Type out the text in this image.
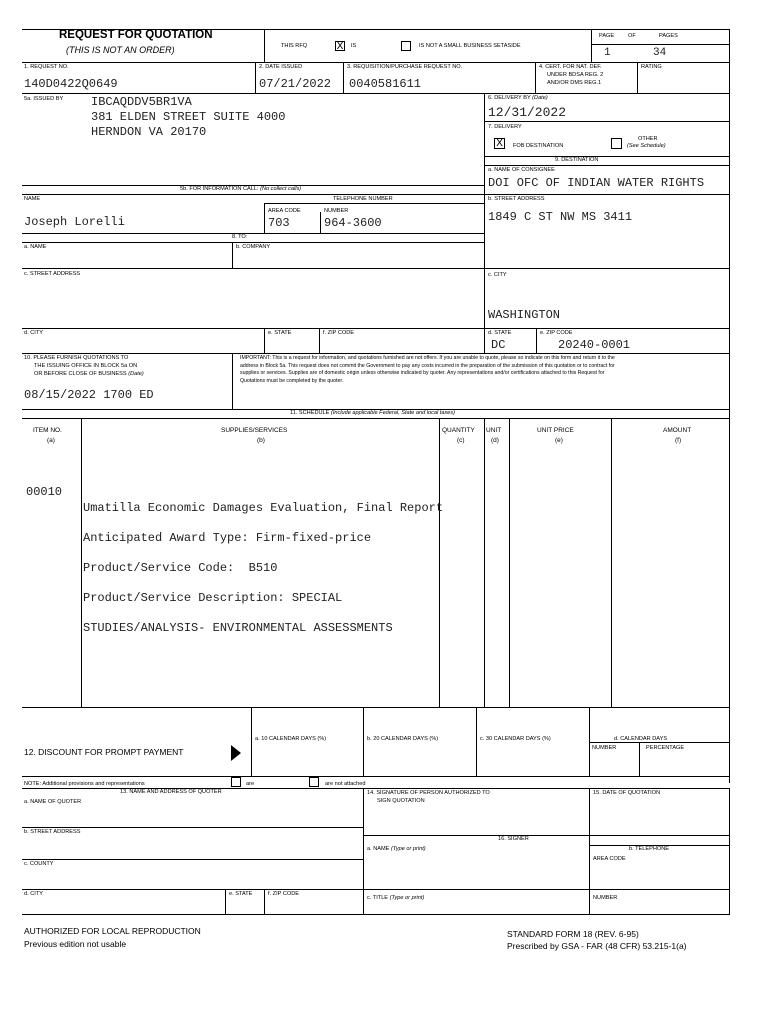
REQUEST FOR QUOTATION
(THIS IS NOT AN ORDER)	THIS RFQ	X IS	IS NOT A SMALL BUSINESS SETASIDE
PAGE OF	PAGES
1	34
1. REQUEST NO.
140D0422Q0649
2. DATE ISSUED
07/21/2022
3. REQUISITION/PURCHASE REQUEST NO.
0040581611
4. CERT. FOR NAT. DEF.
UNDER BDSA REG. 2
AND/OR DMS REG.1
RATING
5a. ISSUED BY IBCAQDDV5BR1VA
381 ELDEN STREET SUITE 4000
HERNDON VA 20170
6. DELIVERY BY (Date)
12/31/2022
7. DELIVERY
X	FOB DESTINATION
OTHER
(See Schedule)
9. DESTINATION
a. NAME OF CONSIGNEE
DOI OFC OF INDIAN WATER RIGHTS
b. STREET ADDRESS
1849 C ST NW MS 3411
c. CITY
WASHINGTON
d. STATE
DC
e. ZIP CODE
20240-0001
5b. FOR INFORMATION CALL: (No collect calls)
NAME	TELEPHONE NUMBER
Joseph Lorelli
AREA CODE
703
NUMBER
964-3600
8. TO:
a. NAME	b. COMPANY
c. STREET ADDRESS
d. CITY	e. STATE	f. ZIP CODE
10. PLEASE FURNISH QUOTATIONS TO
THE ISSUING OFFICE IN BLOCK 5a ON
OR BEFORE CLOSE OF BUSINESS (Date)
08/15/2022 1700 ED
IMPORTANT: This is a request for information, and quotations furnished are not offers. If you are unable to quote, please so indicate on this form and return it to the address in Block 5a. This request does not commit the Government to pay any costs incurred in the preparation of the submission of this quotation or to contract for supplies or services. Supplies are of domestic origin unless otherwise indicated by quoter. Any representations and/or certifications attached to this Request for Quotations must be completed by the quoter.
11. SCHEDULE (Include applicable Federal, State and local taxes)
ITEM NO.
(a)
SUPPLIES/SERVICES
(b)
QUANTITY
(c)
UNIT
(d)
UNIT PRICE
(e)
AMOUNT
(f)
00010

Umatilla Economic Damages Evaluation, Final Report

Anticipated Award Type: Firm-fixed-price

Product/Service Code:  B510

Product/Service Description: SPECIAL

STUDIES/ANALYSIS- ENVIRONMENTAL ASSESSMENTS

12. DISCOUNT FOR PROMPT PAYMENT
a. 10 CALENDAR DAYS (%)	b. 20 CALENDAR DAYS (%)	c. 30 CALENDAR DAYS (%)	d. CALENDAR DAYS
NUMBER	PERCENTAGE
NOTE: Additional provisions and representations	are	are not attached
13. NAME AND ADDRESS OF QUOTER
a. NAME OF QUOTER
b. STREET ADDRESS
c. COUNTY
d. CITY	e. STATE	f. ZIP CODE
14. SIGNATURE OF PERSON AUTHORIZED TO
SIGN QUOTATION
15. DATE OF QUOTATION
16. SIGNER
a. NAME (Type or print)	b. TELEPHONE
AREA CODE
c. TITLE (Type or print)	NUMBER
AUTHORIZED FOR LOCAL REPRODUCTION
Previous edition not usable
STANDARD FORM 18 (REV. 6-95)
Prescribed by GSA - FAR (48 CFR) 53.215-1(a)
